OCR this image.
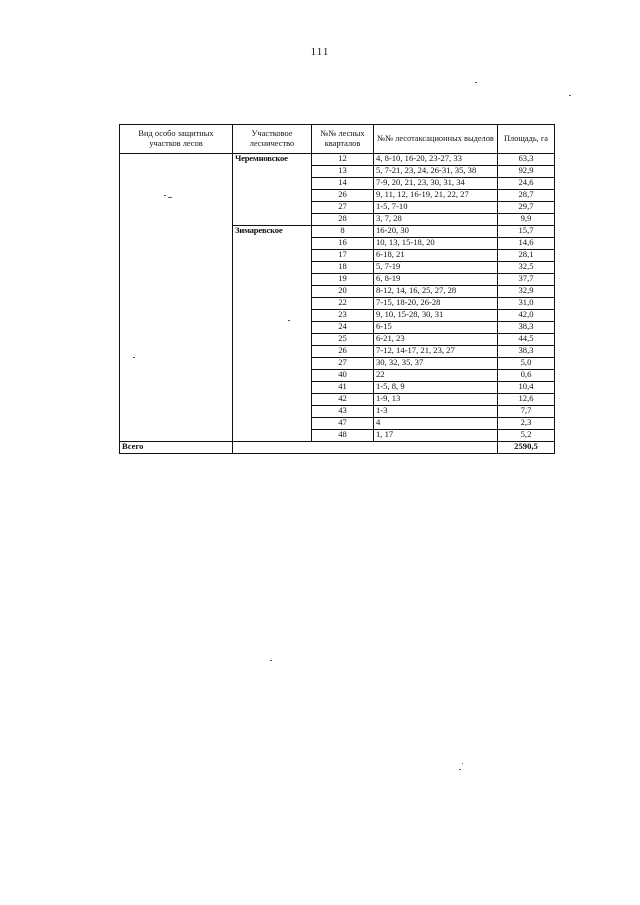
111
Вид особо защитных участков лесов	Участковое лесничество	№№ лесных кварталов	№№ лесотаксационных выделов	Площадь, га
	Черемновское	12	4, 8-10, 16-20, 23-27, 33	63,3
		13	5, 7-21, 23, 24, 26-31, 35, 38	92,9
		14	7-9, 20, 21, 23, 30, 31, 34	24,6
		26	9, 11, 12, 16-19, 21, 22, 27	28,7
		27	1-5, 7-10	29,7
		28	3, 7, 28	9,9
	Зимаревское	8	16-20, 30	15,7
		16	10, 13, 15-18, 20	14,6
		17	6-18, 21	28,1
		18	5, 7-19	32,5
		19	6, 8-19	37,7
		20	8-12, 14, 16, 25, 27, 28	32,9
		22	7-15, 18-20, 26-28	31,0
		23	9, 10, 15-28, 30, 31	42,0
		24	6-15	38,3
		25	6-21, 23	44,5
		26	7-12, 14-17, 21, 23, 27	38,3
		27	30, 32, 35, 37	5,0
		40	22	0,6
		41	1-5, 8, 9	10,4
		42	1-9, 13	12,6
		43	1-3	7,7
		47	4	2,3
		48	1, 17	5,2
Всего				2590,5
